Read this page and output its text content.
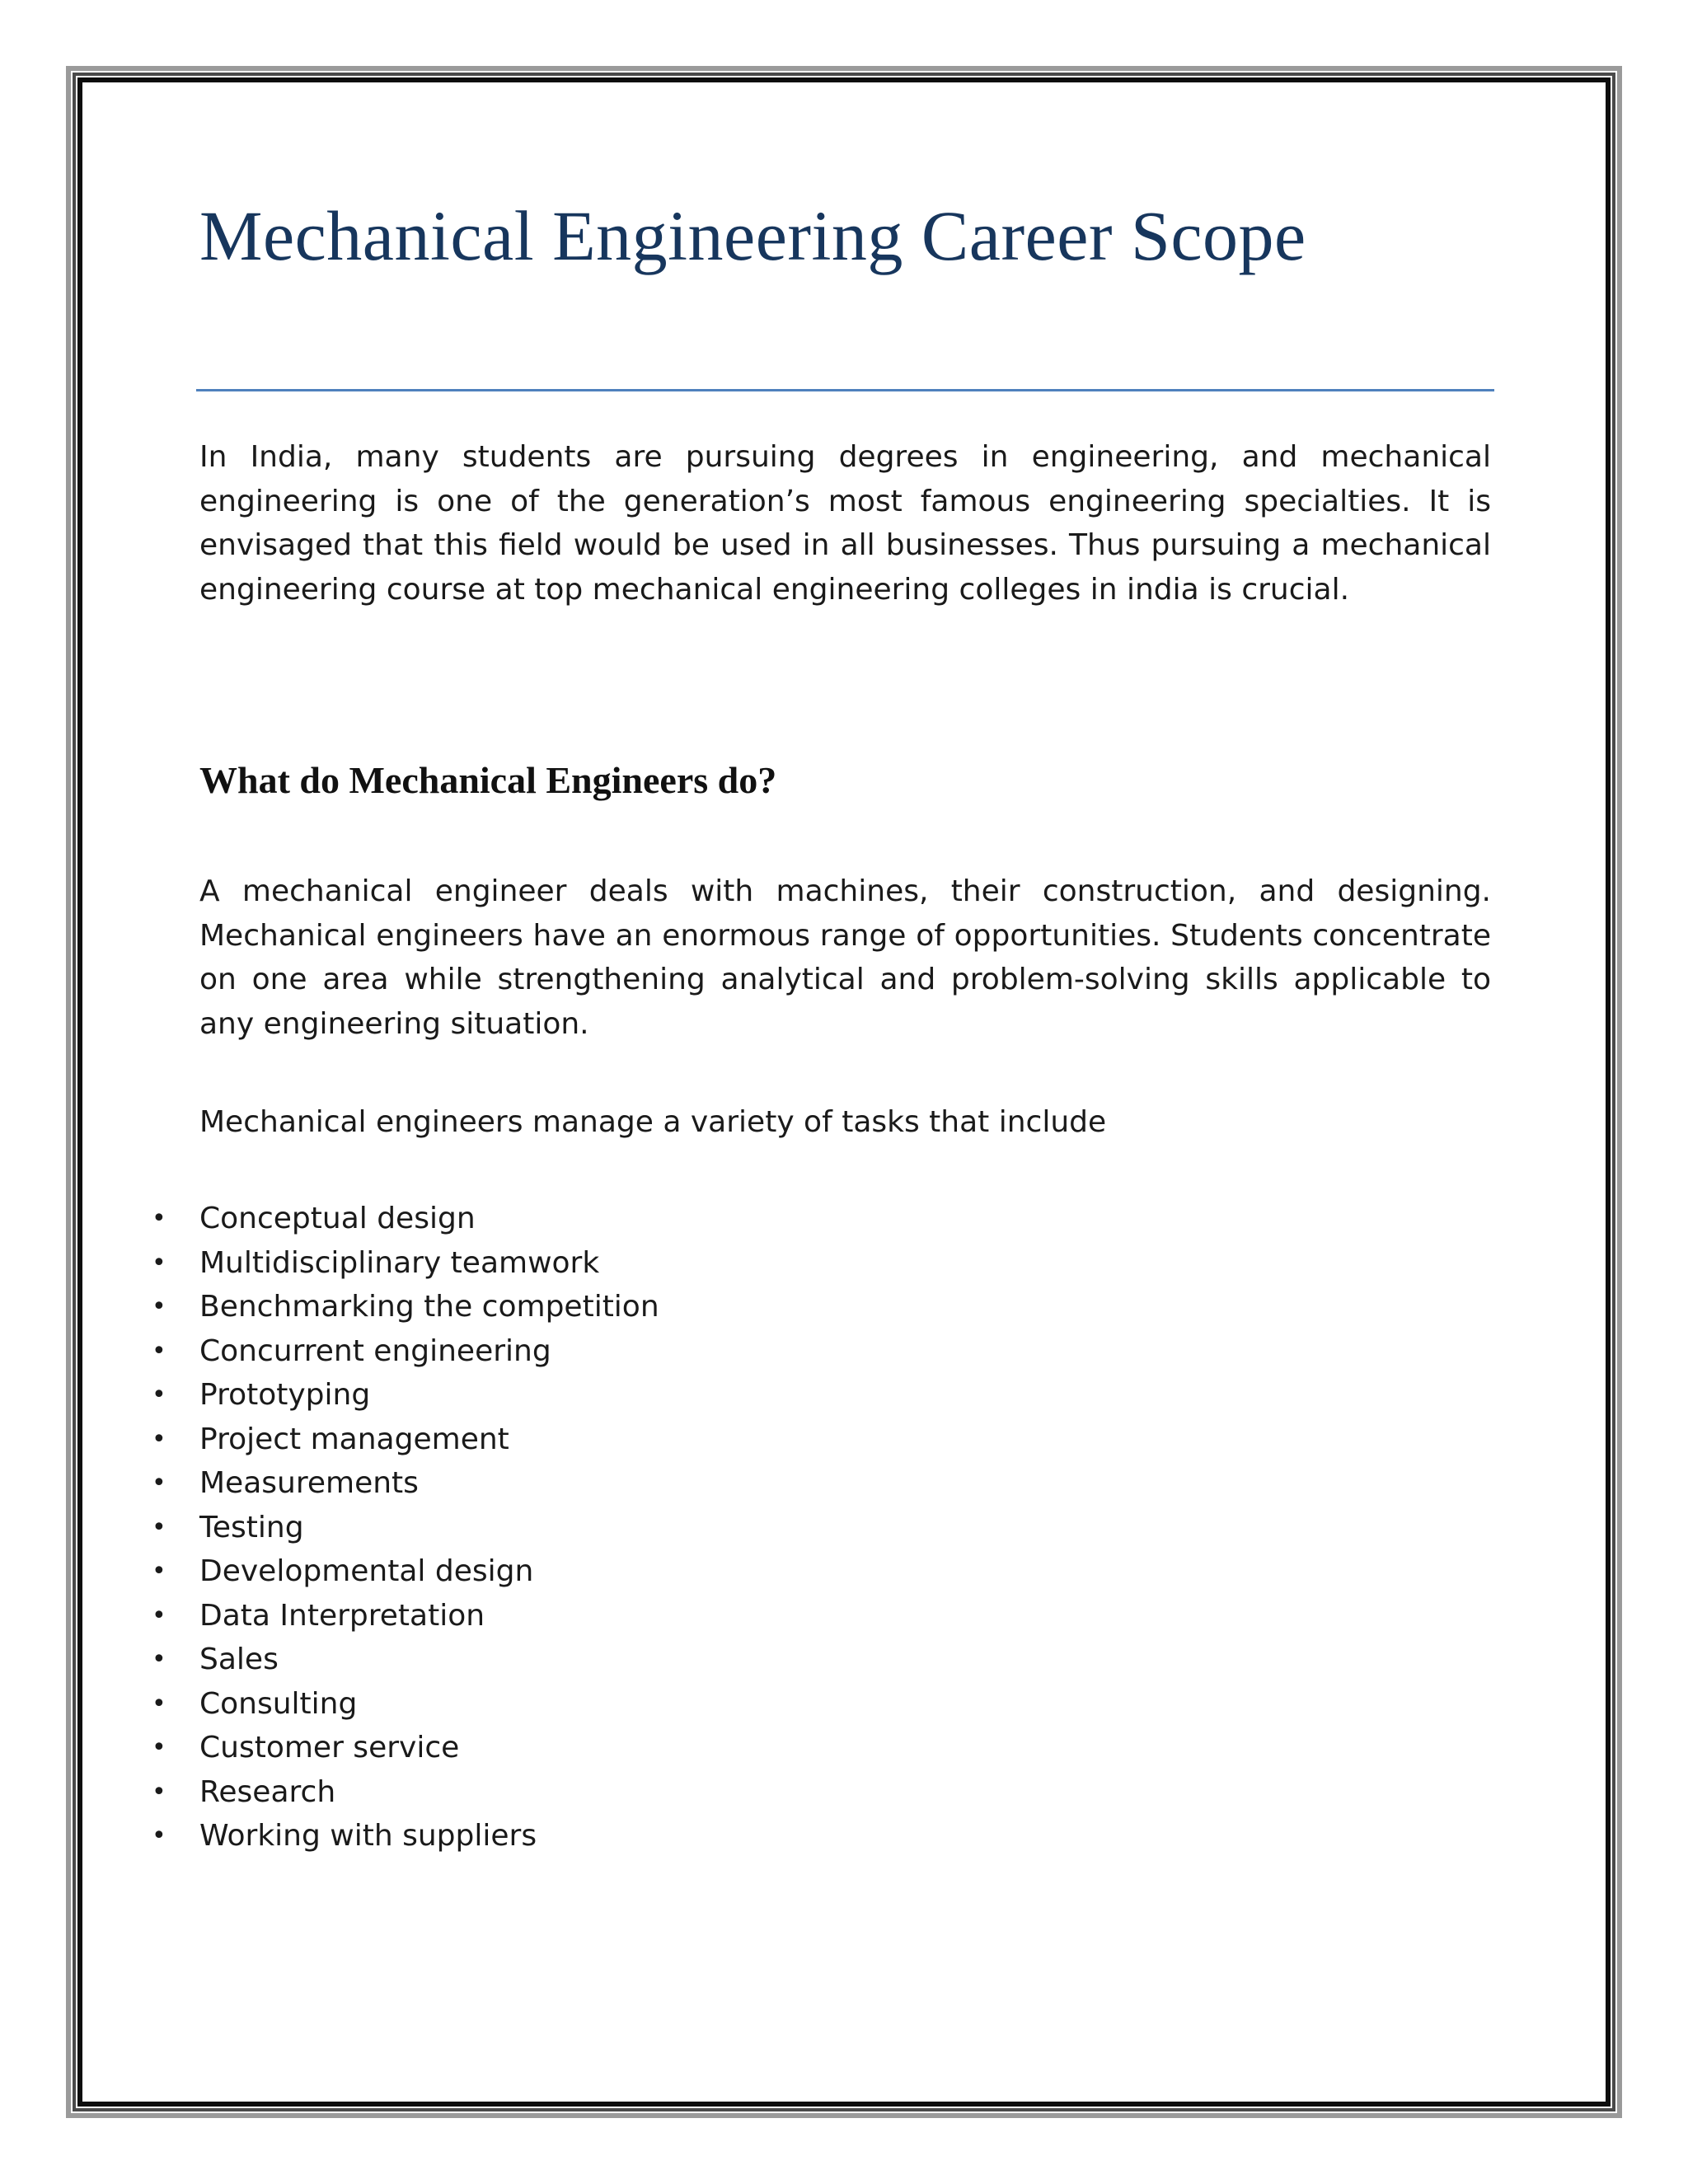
Mechanical Engineering Career Scope

In India, many students are pursuing degrees in engineering, and mechanical engineering is one of the generation’s most famous engineering specialties. It is envisaged that this field would be used in all businesses. Thus pursuing a mechanical engineering course at top mechanical engineering colleges in india is crucial.

What do Mechanical Engineers do?

A mechanical engineer deals with machines, their construction, and designing. Mechanical engineers have an enormous range of opportunities. Students concentrate on one area while strengthening analytical and problem-solving skills applicable to any engineering situation.

Mechanical engineers manage a variety of tasks that include

• Conceptual design
• Multidisciplinary teamwork
• Benchmarking the competition
• Concurrent engineering
• Prototyping
• Project management
• Measurements
• Testing
• Developmental design
• Data Interpretation
• Sales
• Consulting
• Customer service
• Research
• Working with suppliers
